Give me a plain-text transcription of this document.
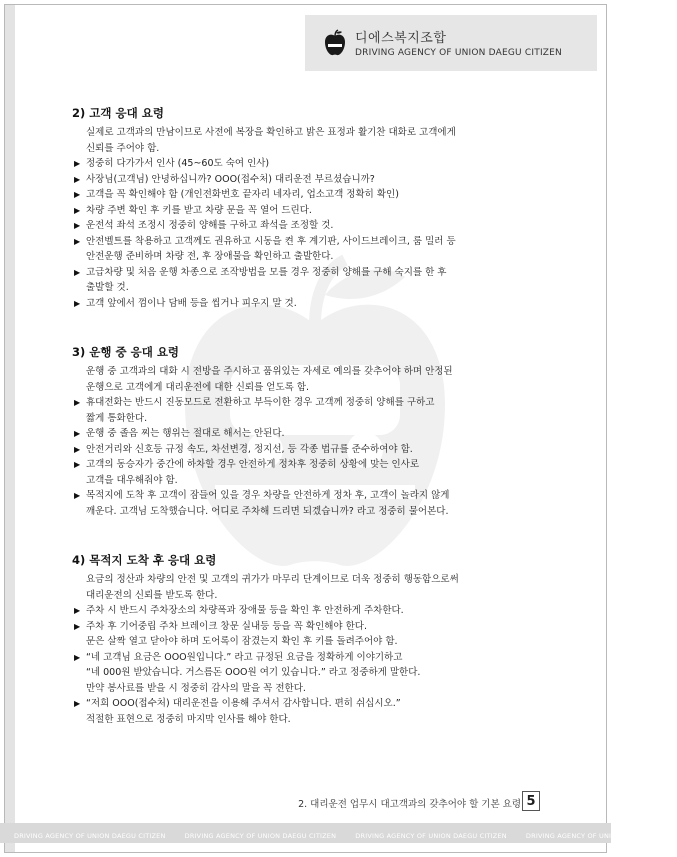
디에스복지조합
DRIVING AGENCY OF UNION DAEGU CITIZEN
2) 고객 응대 요령

실제로 고객과의 만남이므로 사전에 복장을 확인하고 밝은 표정과 활기찬 대화로 고객에게
신뢰를 주어야 함.

▶ 정중히 다가가서 인사 (45~60도 숙여 인사)
▶ 사장님(고객님) 안녕하십니까? OOO(접수처) 대리운전 부르셨습니까?
▶ 고객을 꼭 확인해야 함 (개인전화번호 끝자리 네자리, 업소고객 정확히 확인)
▶ 차량 주변 확인 후 키를 받고 차량 문을 꼭 열어 드린다.
▶ 운전석 좌석 조정시 정중히 양해를 구하고 좌석을 조정할 것.
▶ 안전벨트를 착용하고 고객께도 권유하고 시동을 켠 후 계기판, 사이드브레이크, 룸 밀러 등
안전운행 준비하며 차량 전, 후 장애물을 확인하고 출발한다.
▶ 고급차량 및 처음 운행 차종으로 조작방법을 모를 경우 정중히 양해를 구해 숙지를 한 후
출발할 것.
▶ 고객 앞에서 껌이나 담배 등을 씹거나 피우지 말 것.
3) 운행 중 응대 요령

운행 중 고객과의 대화 시 전방을 주시하고 품위있는 자세로 예의를 갖추어야 하며 안정된
운행으로 고객에게 대리운전에 대한 신뢰를 얻도록 함.

▶ 휴대전화는 반드시 진동모드로 전환하고 부득이한 경우 고객께 정중히 양해를 구하고
짧게 통화한다.
▶ 운행 중 졸음 찌는 행위는 절대로 해서는 안된다.
▶ 안전거리와 신호등 규정 속도, 차선변경, 정지선, 등 각종 법규를 준수하여야 함.
▶ 고객의 동승자가 중간에 하차할 경우 안전하게 정차후 정중히 상황에 맞는 인사로
고객을 대우해줘야 함.
▶ 목적지에 도착 후 고객이 잠들어 있을 경우 차량을 안전하게 정차 후, 고객이 놀라지 않게
깨운다. 고객님 도착했습니다. 어디로 주차해 드리면 되겠습니까? 라고 정중히 물어본다.
4) 목적지 도착 후 응대 요령

요금의 정산과 차량의 안전 및 고객의 귀가가 마무리 단계이므로 더욱 정중히 행동함으로써
대리운전의 신뢰를 받도록 한다.

▶ 주차 시 반드시 주차장소의 차량폭과 장애물 등을 확인 후 안전하게 주차한다.
▶ 주차 후 기어중립 주차 브레이크 창문 실내등 등을 꼭 확인해야 한다.
문은 살짝 열고 닫아야 하며 도어록이 잠겼는지 확인 후 키를 돌려주어야 함.
▶ “네 고객님 요금은 OOO원입니다.” 라고 규정된 요금을 정확하게 이야기하고
“네 000원 받았습니다. 거스름돈 OOO원 여기 있습니다.” 라고 정중하게 말한다.
만약 봉사료를 받을 시 정중히 감사의 말을 꼭 전한다.
▶ “저희 OOO(접수처) 대리운전을 이용해 주셔서 감사합니다. 편히 쉬십시오.”
적절한 표현으로 정중히 마지막 인사를 해야 한다.
2. 대리운전 업무시 대고객과의 갖추어야 할 기본 요령 5
DRIVING AGENCY OF UNION DAEGU CITIZEN	DRIVING AGENCY OF UNION DAEGU CITIZEN	DRIVING AGENCY OF UNION DAEGU CITIZEN	DRIVING AGENCY OF UNION DAEGU CITIZEN
